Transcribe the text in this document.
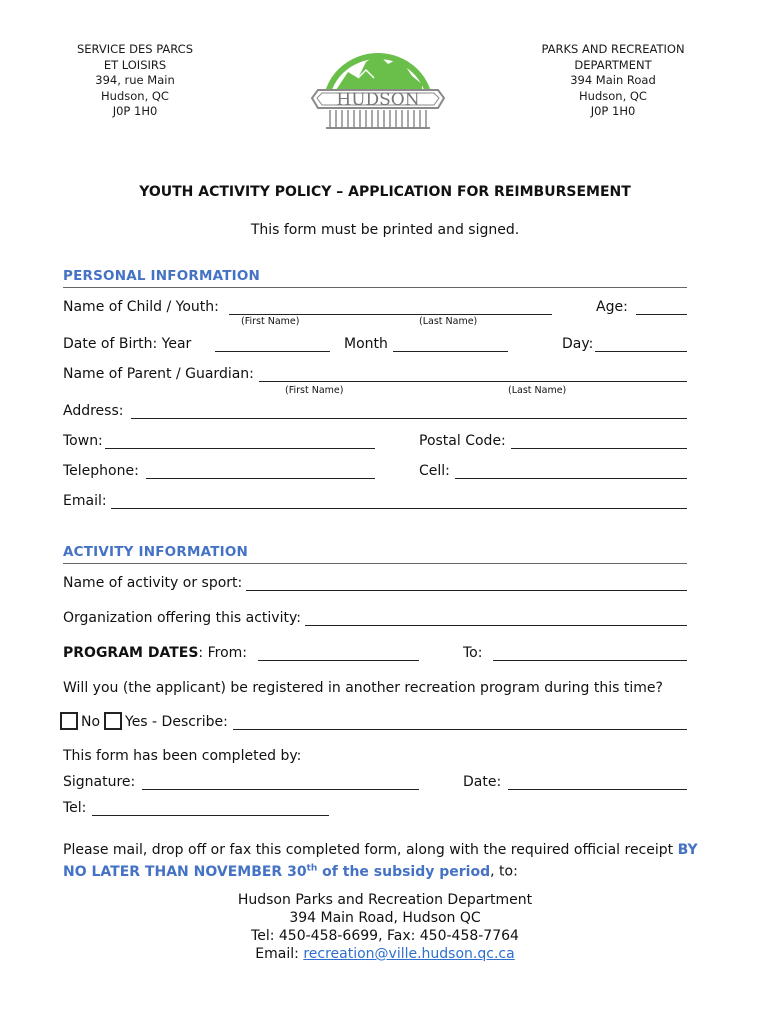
SERVICE DES PARCS
ET LOISIRS
394, rue Main
Hudson, QC
J0P 1H0
PARKS AND RECREATION
DEPARTMENT
394 Main Road
Hudson, QC
J0P 1H0
HUDSON
YOUTH ACTIVITY POLICY – APPLICATION FOR REIMBURSEMENT
This form must be printed and signed.
PERSONAL INFORMATION
Name of Child / Youth:
(First Name)	(Last Name)
Age:
Date of Birth: Year	Month	Day:
Name of Parent / Guardian:
(First Name)	(Last Name)
Address:
Town:	Postal Code:
Telephone:	Cell:
Email:
ACTIVITY INFORMATION
Name of activity or sport:
Organization offering this activity:
PROGRAM DATES: From:	To:
Will you (the applicant) be registered in another recreation program during this time?
No Yes - Describe:
This form has been completed by:
Signature:	Date:
Tel:
Please mail, drop off or fax this completed form, along with the required official receipt BY NO LATER THAN NOVEMBER 30th of the subsidy period, to:
Hudson Parks and Recreation Department
394 Main Road, Hudson QC
Tel: 450-458-6699, Fax: 450-458-7764
Email: recreation@ville.hudson.qc.ca
